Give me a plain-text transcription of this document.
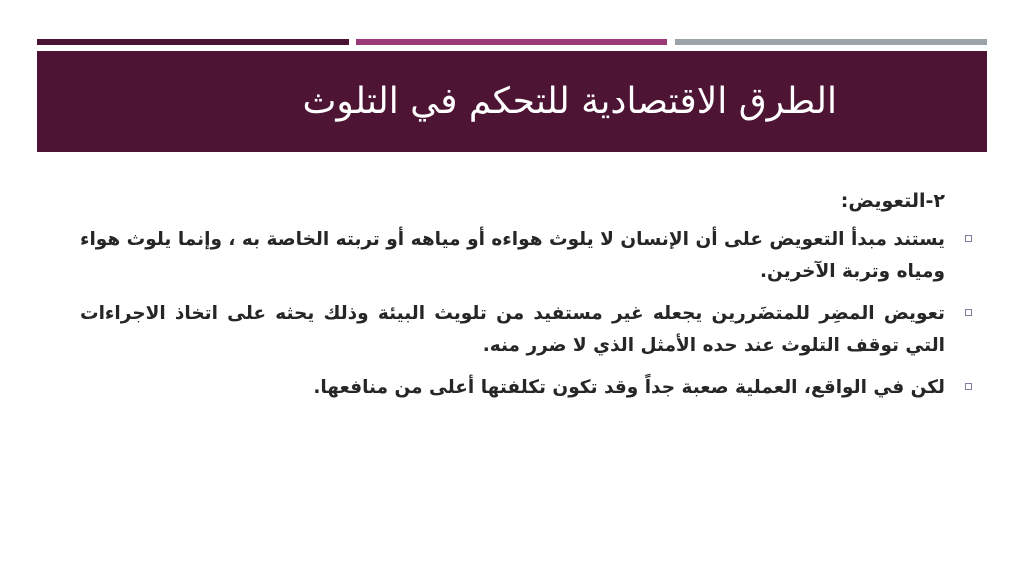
الطرق الاقتصادية للتحكم في التلوث
٢-التعويض:
يستند مبدأ التعويض على أن الإنسان لا يلوث هواءه أو مياهه أو تربته الخاصة به ، وإنما يلوث هواء ومياه وتربة الآخرين.
تعويض المضِر للمتضَررين يجعله غير مستفيد من تلويث البيئة وذلك يحثه على اتخاذ الاجراءات التي توقف التلوث عند حده الأمثل الذي لا ضرر منه.
لكن في الواقع، العملية صعبة جداً وقد تكون تكلفتها أعلى من منافعها.
